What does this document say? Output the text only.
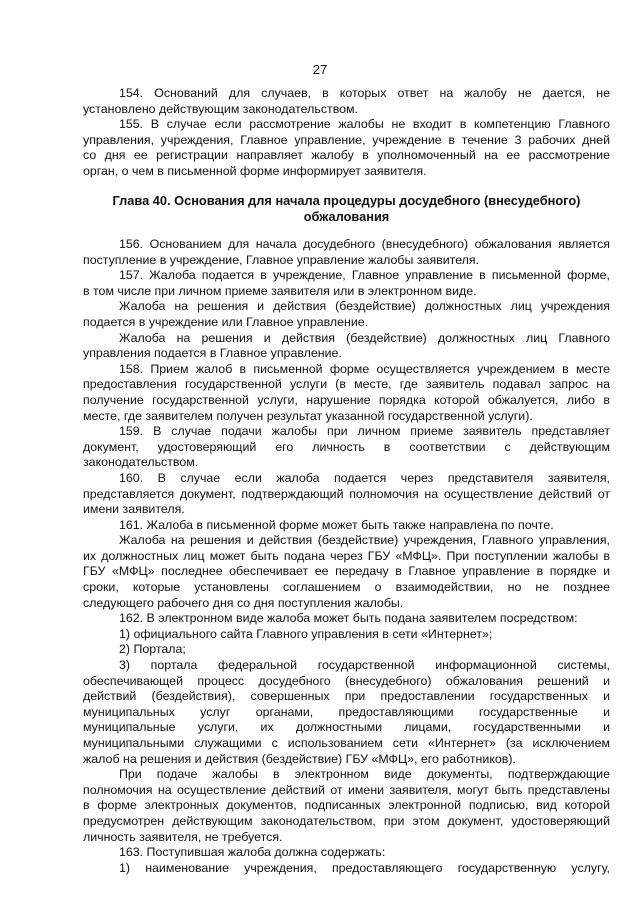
27
154. Оснований для случаев, в которых ответ на жалобу не дается, не
установлено действующим законодательством.
155. В случае если рассмотрение жалобы не входит в компетенцию Главного
управления, учреждения, Главное управление, учреждение в течение 3 рабочих дней
со дня ее регистрации направляет жалобу в уполномоченный на ее рассмотрение
орган, о чем в письменной форме информирует заявителя.
Глава 40. Основания для начала процедуры досудебного (внесудебного)
обжалования
156. Основанием для начала досудебного (внесудебного) обжалования является
поступление в учреждение, Главное управление жалобы заявителя.
157. Жалоба подается в учреждение, Главное управление в письменной форме,
в том числе при личном приеме заявителя или в электронном виде.
Жалоба на решения и действия (бездействие) должностных лиц учреждения
подается в учреждение или Главное управление.
Жалоба на решения и действия (бездействие) должностных лиц Главного
управления подается в Главное управление.
158. Прием жалоб в письменной форме осуществляется учреждением в месте
предоставления государственной услуги (в месте, где заявитель подавал запрос на
получение государственной услуги, нарушение порядка которой обжалуется, либо в
месте, где заявителем получен результат указанной государственной услуги).
159. В случае подачи жалобы при личном приеме заявитель представляет
документ, удостоверяющий его личность в соответствии с действующим
законодательством.
160. В случае если жалоба подается через представителя заявителя,
представляется документ, подтверждающий полномочия на осуществление действий от
имени заявителя.
161. Жалоба в письменной форме может быть также направлена по почте.
Жалоба на решения и действия (бездействие) учреждения, Главного управления,
их должностных лиц может быть подана через ГБУ «МФЦ». При поступлении жалобы в
ГБУ «МФЦ» последнее обеспечивает ее передачу в Главное управление в порядке и
сроки, которые установлены соглашением о взаимодействии, но не позднее
следующего рабочего дня со дня поступления жалобы.
162. В электронном виде жалоба может быть подана заявителем посредством:
1) официального сайта Главного управления в сети «Интернет»;
2) Портала;
3) портала федеральной государственной информационной системы,
обеспечивающей процесс досудебного (внесудебного) обжалования решений и
действий (бездействия), совершенных при предоставлении государственных и
муниципальных услуг органами, предоставляющими государственные и
муниципальные услуги, их должностными лицами, государственными и
муниципальными служащими с использованием сети «Интернет» (за исключением
жалоб на решения и действия (бездействие) ГБУ «МФЦ», его работников).
При подаче жалобы в электронном виде документы, подтверждающие
полномочия на осуществление действий от имени заявителя, могут быть представлены
в форме электронных документов, подписанных электронной подписью, вид которой
предусмотрен действующим законодательством, при этом документ, удостоверяющий
личность заявителя, не требуется.
163. Поступившая жалоба должна содержать:
1) наименование учреждения, предоставляющего государственную услугу,
